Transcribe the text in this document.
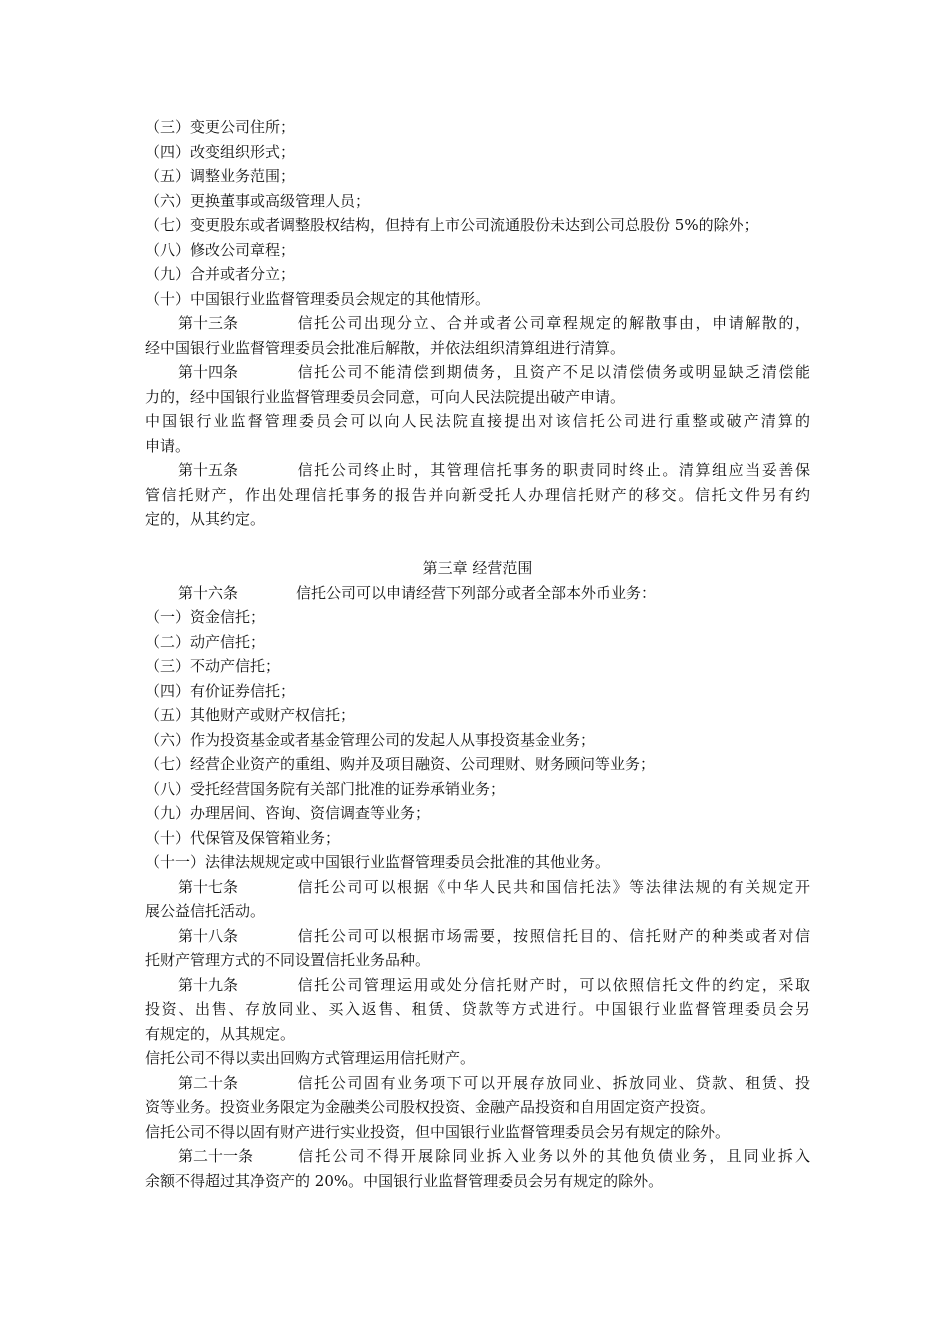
（三）变更公司住所；

（四）改变组织形式；

（五）调整业务范围；

（六）更换董事或高级管理人员；

（七）变更股东或者调整股权结构，但持有上市公司流通股份未达到公司总股份 5%的除外；

（八）修改公司章程；

（九）合并或者分立；

（十）中国银行业监督管理委员会规定的其他情形。

第十三条	信托公司出现分立、合并或者公司章程规定的解散事由，申请解散的，

经中国银行业监督管理委员会批准后解散，并依法组织清算组进行清算。

第十四条	信托公司不能清偿到期债务，且资产不足以清偿债务或明显缺乏清偿能

力的，经中国银行业监督管理委员会同意，可向人民法院提出破产申请。

中国银行业监督管理委员会可以向人民法院直接提出对该信托公司进行重整或破产清算的

申请。

第十五条	信托公司终止时，其管理信托事务的职责同时终止。清算组应当妥善保

管信托财产，作出处理信托事务的报告并向新受托人办理信托财产的移交。信托文件另有约

定的，从其约定。

第三章 经营范围

第十六条	信托公司可以申请经营下列部分或者全部本外币业务：

（一）资金信托；

（二）动产信托；

（三）不动产信托；

（四）有价证券信托；

（五）其他财产或财产权信托；

（六）作为投资基金或者基金管理公司的发起人从事投资基金业务；

（七）经营企业资产的重组、购并及项目融资、公司理财、财务顾问等业务；

（八）受托经营国务院有关部门批准的证券承销业务；

（九）办理居间、咨询、资信调查等业务；

（十）代保管及保管箱业务；

（十一）法律法规规定或中国银行业监督管理委员会批准的其他业务。

第十七条	信托公司可以根据《中华人民共和国信托法》等法律法规的有关规定开

展公益信托活动。

第十八条	信托公司可以根据市场需要，按照信托目的、信托财产的种类或者对信

托财产管理方式的不同设置信托业务品种。

第十九条	信托公司管理运用或处分信托财产时，可以依照信托文件的约定，采取

投资、出售、存放同业、买入返售、租赁、贷款等方式进行。中国银行业监督管理委员会另

有规定的，从其规定。

信托公司不得以卖出回购方式管理运用信托财产。

第二十条	信托公司固有业务项下可以开展存放同业、拆放同业、贷款、租赁、投

资等业务。投资业务限定为金融类公司股权投资、金融产品投资和自用固定资产投资。

信托公司不得以固有财产进行实业投资，但中国银行业监督管理委员会另有规定的除外。

第二十一条	信托公司不得开展除同业拆入业务以外的其他负债业务，且同业拆入

余额不得超过其净资产的 20%。中国银行业监督管理委员会另有规定的除外。
